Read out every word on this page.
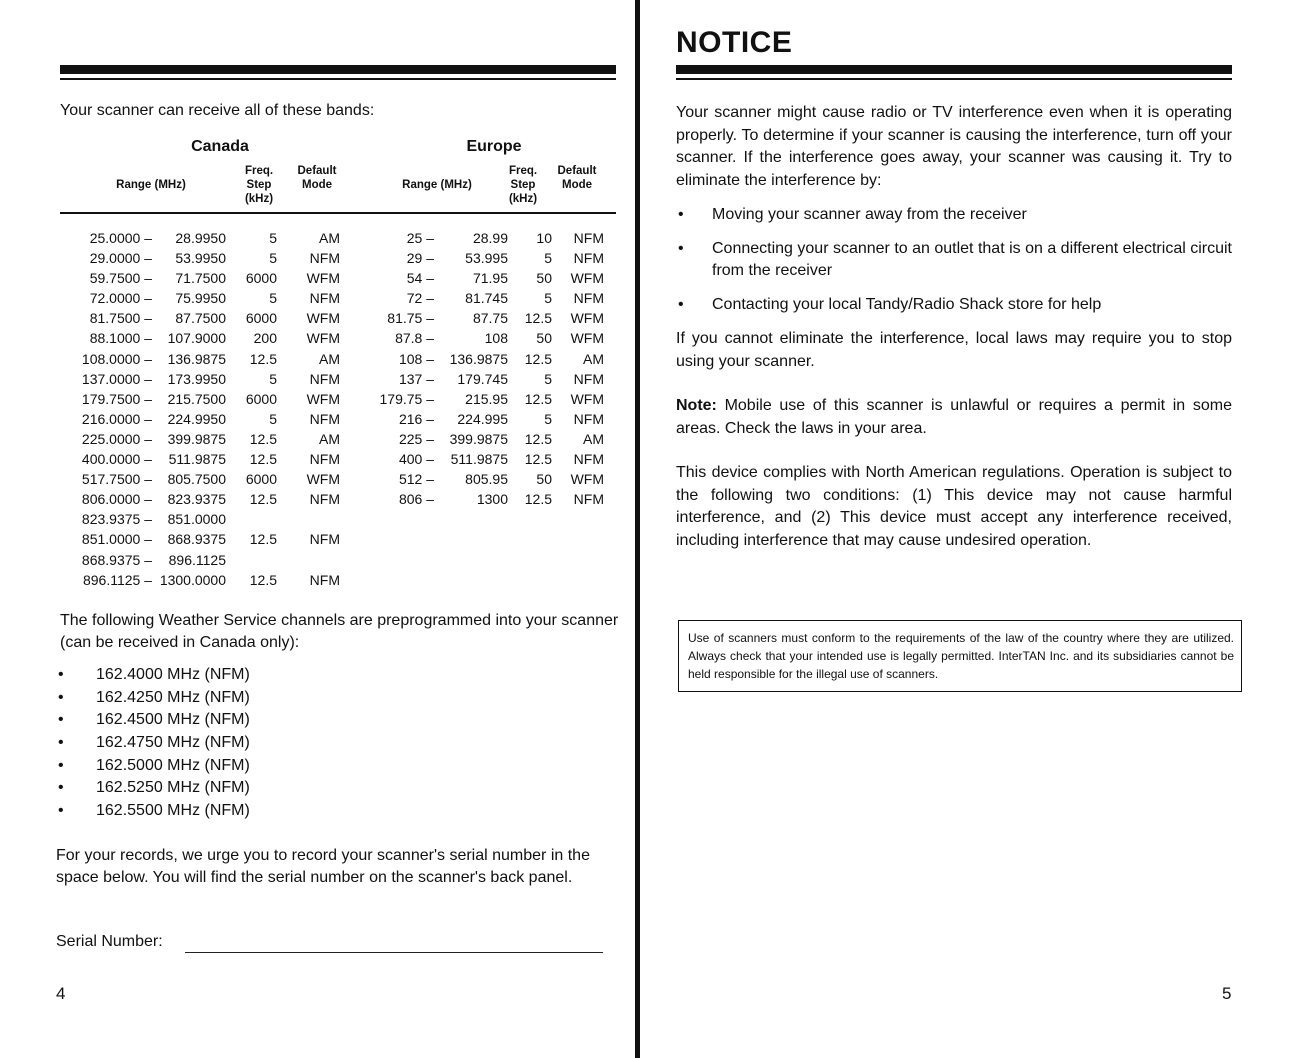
Your scanner can receive all of these bands:
Canada
Range (MHz)
Freq.
Step
(kHz)
Default
Mode
Europe
Range (MHz)
Freq.
Step
(kHz)
Default
Mode
25.0000 –	28.9950	5	AM
29.0000 –	53.9950	5	NFM
59.7500 –	71.7500	6000	WFM
72.0000 –	75.9950	5	NFM
81.7500 –	87.7500	6000	WFM
88.1000 –	107.9000	200	WFM
108.0000 –	136.9875	12.5	AM
137.0000 –	173.9950	5	NFM
179.7500 –	215.7500	6000	WFM
216.0000 –	224.9950	5	NFM
225.0000 –	399.9875	12.5	AM
400.0000 –	511.9875	12.5	NFM
517.7500 –	805.7500	6000	WFM
806.0000 –	823.9375	12.5	NFM
823.9375 –	851.0000
851.0000 –	868.9375	12.5	NFM
868.9375 –	896.1125
896.1125 – 1300.0000	12.5	NFM
25 –	28.99	10	NFM
29 –	53.995	5	NFM
54 –	71.95	50	WFM
72 –	81.745	5	NFM
81.75 –	87.75	12.5	WFM
87.8 –	108	50	WFM
108 –	136.9875	12.5	AM
137 –	179.745	5	NFM
179.75 –	215.95	12.5	WFM
216 –	224.995	5	NFM
225 –	399.9875	12.5	AM
400 –	511.9875	12.5	NFM
512 –	805.95	50	WFM
806 –	1300	12.5	NFM
The following Weather Service channels are preprogrammed into your scanner (can be received in Canada only):
• 162.4000 MHz (NFM)
• 162.4250 MHz (NFM)
• 162.4500 MHz (NFM)
• 162.4750 MHz (NFM)
• 162.5000 MHz (NFM)
• 162.5250 MHz (NFM)
• 162.5500 MHz (NFM)
For your records, we urge you to record your scanner's serial number in the space below. You will find the serial number on the scanner's back panel.
Serial Number:
4
NOTICE
Your scanner might cause radio or TV interference even when it is operating properly. To determine if your scanner is causing the interference, turn off your scanner. If the interference goes away, your scanner was causing it. Try to eliminate the interference by:
• Moving your scanner away from the receiver
• Connecting your scanner to an outlet that is on a different electrical circuit from the receiver
• Contacting your local Tandy/Radio Shack store for help
If you cannot eliminate the interference, local laws may require you to stop using your scanner.
Note: Mobile use of this scanner is unlawful or requires a permit in some areas. Check the laws in your area.
This device complies with North American regulations. Operation is subject to the following two conditions: (1) This device may not cause harmful interference, and (2) This device must accept any interference received, including interference that may cause undesired operation.
Use of scanners must conform to the requirements of the law of the country where they are utilized. Always check that your intended use is legally permitted. InterTAN Inc. and its subsidiaries cannot be held responsible for the illegal use of scanners.
5
